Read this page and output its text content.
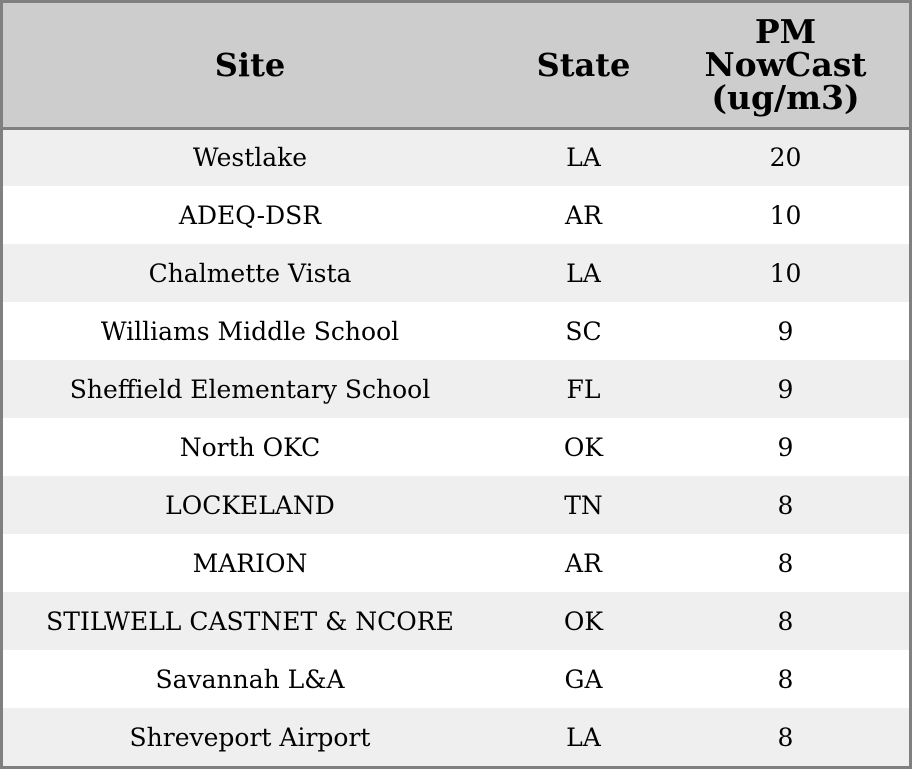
Site	State	PM
NowCast
(ug/m3)

Westlake	LA	20
ADEQ-DSR	AR	10
Chalmette Vista	LA	10
Williams Middle School	SC	9
Sheffield Elementary School	FL	9
North OKC	OK	9
LOCKELAND	TN	8
MARION	AR	8
STILWELL CASTNET & NCORE	OK	8
Savannah L&A	GA	8
Shreveport Airport	LA	8
